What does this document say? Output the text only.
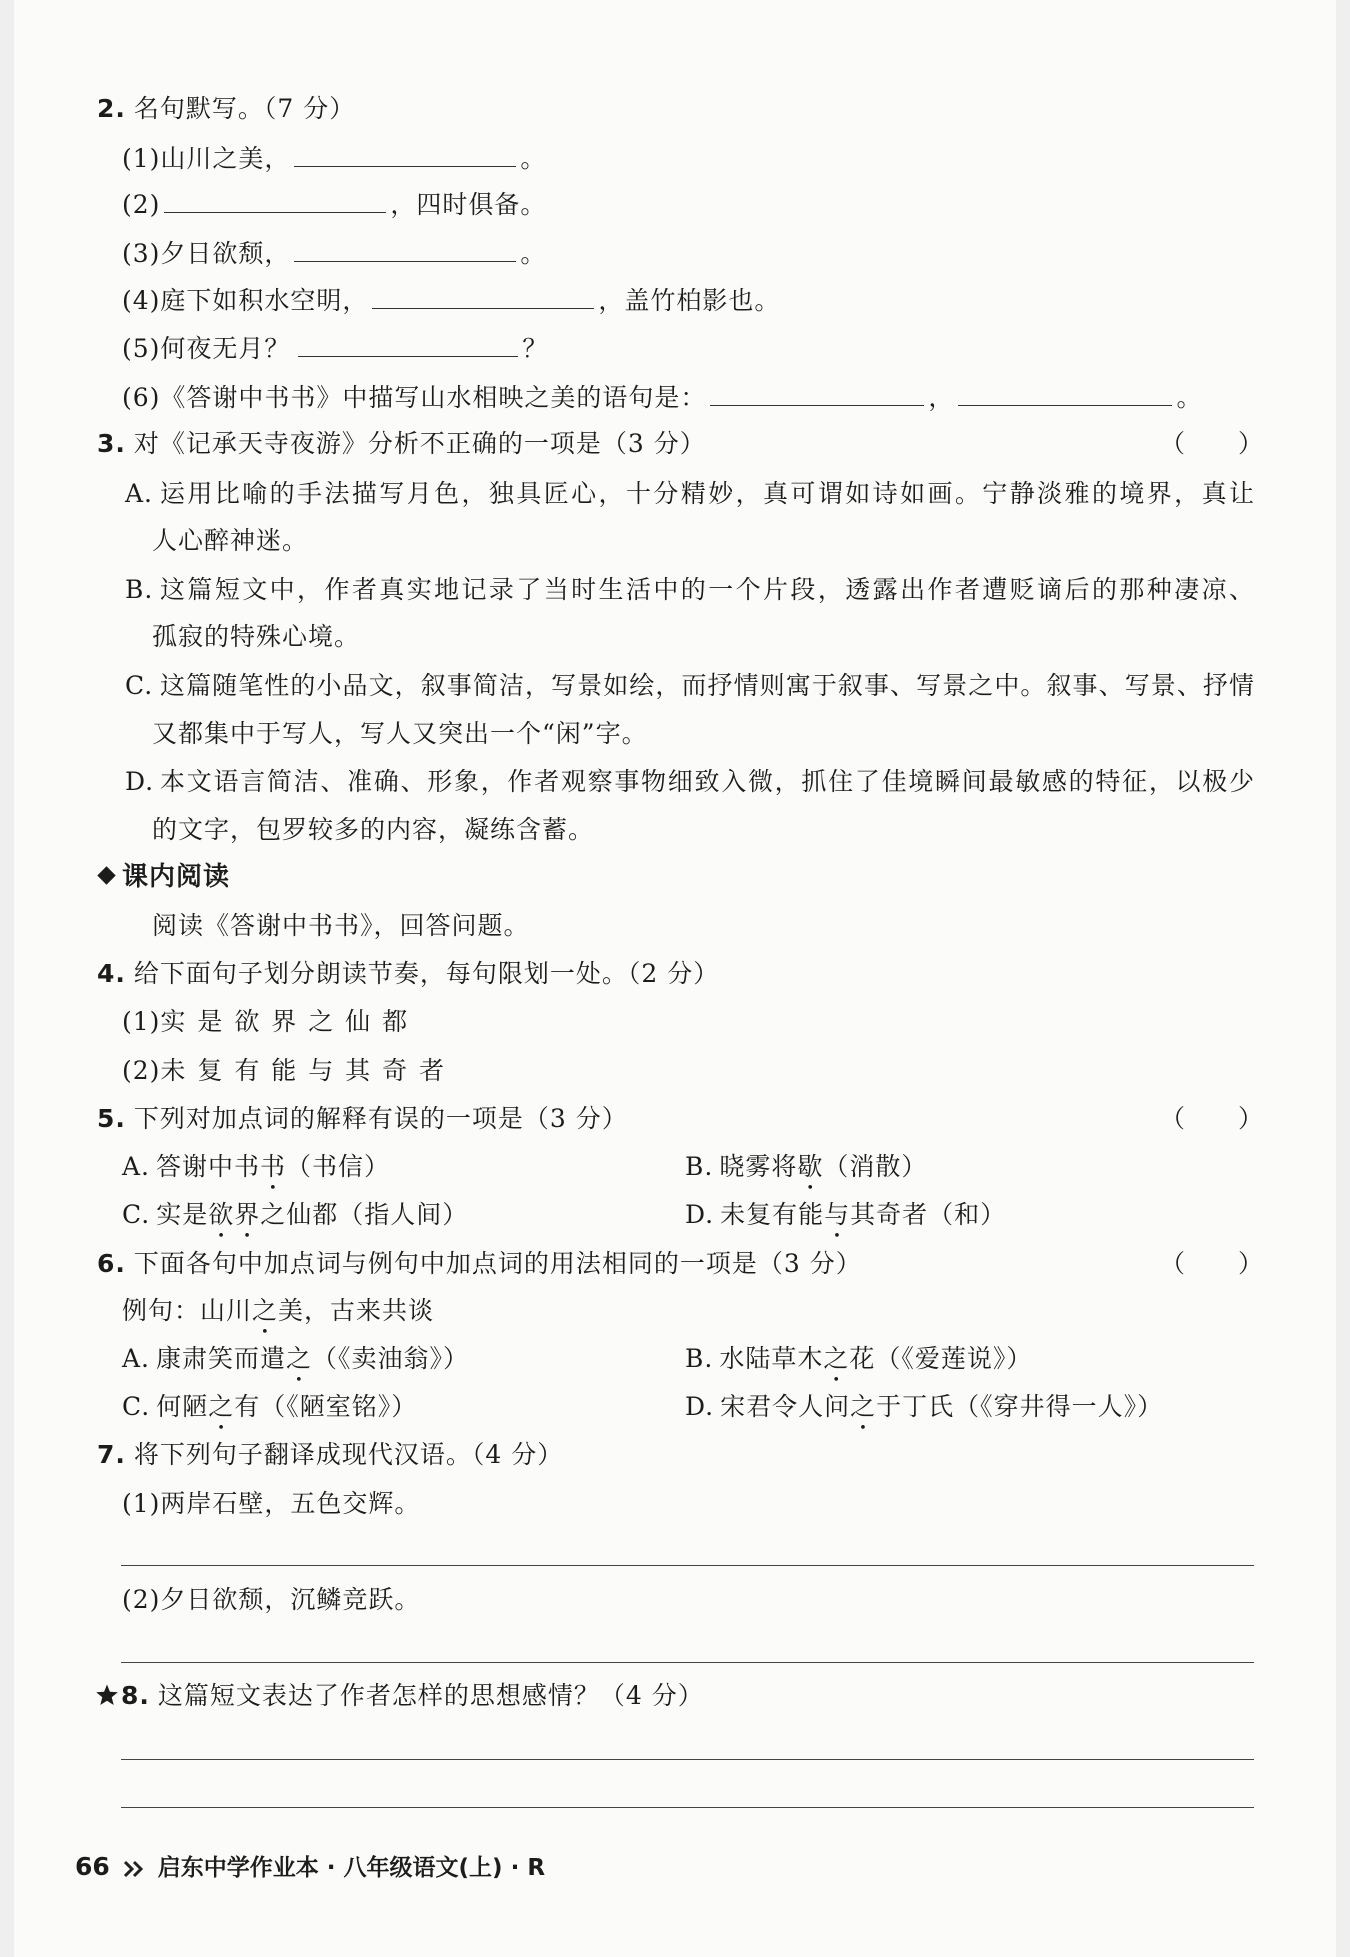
2. 名句默写。（7 分）
(1)山川之美，	。
(2)	，四时俱备。
(3)夕日欲颓，	。
(4)庭下如积水空明，	，盖竹柏影也。
(5)何夜无月？	？
(6)《答谢中书书》中描写山水相映之美的语句是：	，	。
3. 对《记承天寺夜游》分析不正确的一项是（3 分）	（　　）
A. 运用比喻的手法描写月色，独具匠心，十分精妙，真可谓如诗如画。宁静淡雅的境界，真让
人心醉神迷。
B. 这篇短文中，作者真实地记录了当时生活中的一个片段，透露出作者遭贬谪后的那种凄凉、
孤寂的特殊心境。
C. 这篇随笔性的小品文，叙事简洁，写景如绘，而抒情则寓于叙事、写景之中。叙事、写景、抒情
又都集中于写人，写人又突出一个“闲”字。
D. 本文语言简洁、准确、形象，作者观察事物细致入微，抓住了佳境瞬间最敏感的特征，以极少
的文字，包罗较多的内容，凝练含蓄。
课内阅读
阅读《答谢中书书》，回答问题。
4. 给下面句子划分朗读节奏，每句限划一处。（2 分）
(1)实 是 欲 界 之 仙 都
(2)未 复 有 能 与 其 奇 者
5. 下列对加点词的解释有误的一项是（3 分）	（　　）
A. 答谢中书书（书信）	B. 晓雾将歇（消散）
C. 实是欲界之仙都（指人间）	D. 未复有能与其奇者（和）
6. 下面各句中加点词与例句中加点词的用法相同的一项是（3 分）	（　　）
例句：山川之美，古来共谈
A. 康肃笑而遣之（《卖油翁》）	B. 水陆草木之花（《爱莲说》）
C. 何陋之有（《陋室铭》）	D. 宋君令人问之于丁氏（《穿井得一人》）
7. 将下列句子翻译成现代汉语。（4 分）
(1)两岸石壁，五色交辉。
(2)夕日欲颓，沉鳞竞跃。
8. 这篇短文表达了作者怎样的思想感情？（4 分）
66 启东中学作业本 · 八年级语文(上) · R
